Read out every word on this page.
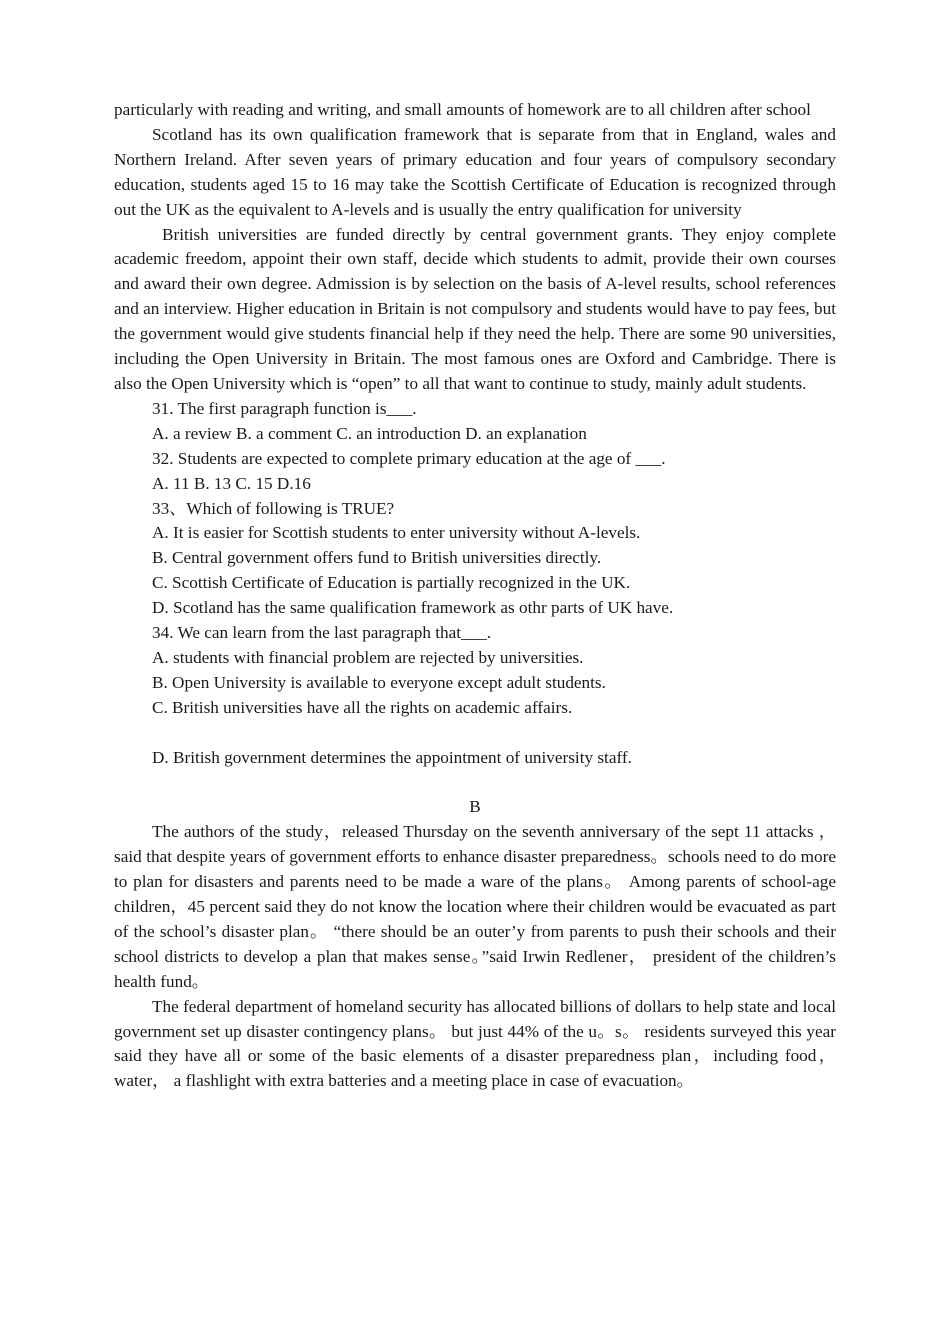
particularly with reading and writing, and small amounts of homework are to all children after school

Scotland has its own qualification framework that is separate from that in England, wales and Northern Ireland. After seven years of primary education and four years of compulsory secondary education, students aged 15 to 16 may take the Scottish Certificate of Education is recognized through out the UK as the equivalent to A-levels and is usually the entry qualification for university

British universities are funded directly by central government grants. They enjoy complete academic freedom, appoint their own staff, decide which students to admit, provide their own courses and award their own degree. Admission is by selection on the basis of A-level results, school references and an interview. Higher education in Britain is not compulsory and students would have to pay fees, but the government would give students financial help if they need the help. There are some 90 universities, including the Open University in Britain. The most famous ones are Oxford and Cambridge. There is also the Open University which is “open” to all that want to continue to study, mainly adult students.

31. The first paragraph function is___.

A. a review B. a comment C. an introduction D. an explanation

32. Students are expected to complete primary education at the age of ___.

A. 11 B. 13 C. 15 D.16

33、Which of following is TRUE?

A. It is easier for Scottish students to enter university without A-levels.

B. Central government offers fund to British universities directly.

C. Scottish Certificate of Education is partially recognized in the UK.

D. Scotland has the same qualification framework as othr parts of UK have.

34. We can learn from the last paragraph that___.

A. students with financial problem are rejected by universities.

B. Open University is available to everyone except adult students.

C. British universities have all the rights on academic affairs.

D. British government determines the appointment of university staff.

B

The authors of the study，released Thursday on the seventh anniversary of the sept 11 attacks ， said that despite years of government efforts to enhance disaster preparedness。schools need to do more to plan for disasters and parents need to be made a ware of the plans。 Among parents of school-age children，45 percent said they do not know the location where their children would be evacuated as part of the school’s disaster plan。 “there should be an outer’y from parents to push their schools and their school districts to develop a plan that makes sense。”said Irwin Redlener， president of the children’s health fund。

The federal department of homeland security has allocated billions of dollars to help state and local government set up disaster contingency plans。 but just 44% of the u。s。 residents surveyed this year said they have all or some of the basic elements of a disaster preparedness plan，including food， water， a flashlight with extra batteries and a meeting place in case of evacuation。
